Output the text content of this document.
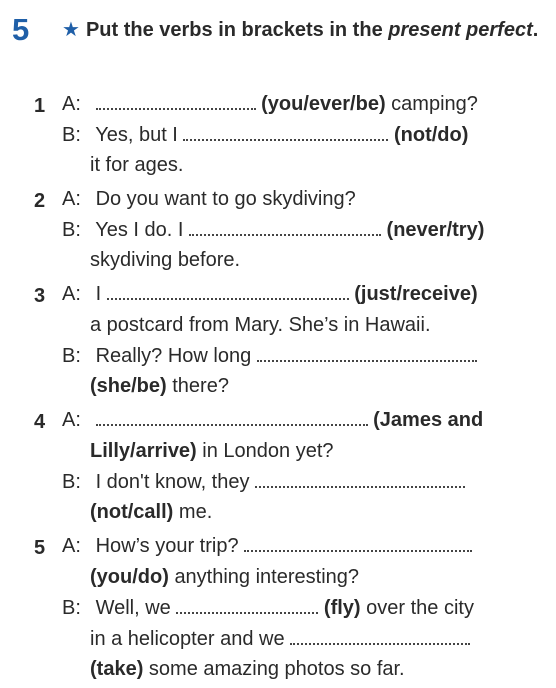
5 ★ Put the verbs in brackets in the present perfect.
1 A:	(you/ever/be) camping?
B: Yes, but I	(not/do)
it for ages.
2 A: Do you want to go skydiving?
B: Yes I do. I	(never/try)
skydiving before.
3 A: I	(just/receive)
a postcard from Mary. She’s in Hawaii.
B: Really? How long
(she/be) there?
4 A:	(James and
Lilly/arrive) in London yet?
B: I don't know, they
(not/call) me.
5 A: How’s your trip?
(you/do) anything interesting?
B: Well, we	(fly) over the city
in a helicopter and we
(take) some amazing photos so far.
